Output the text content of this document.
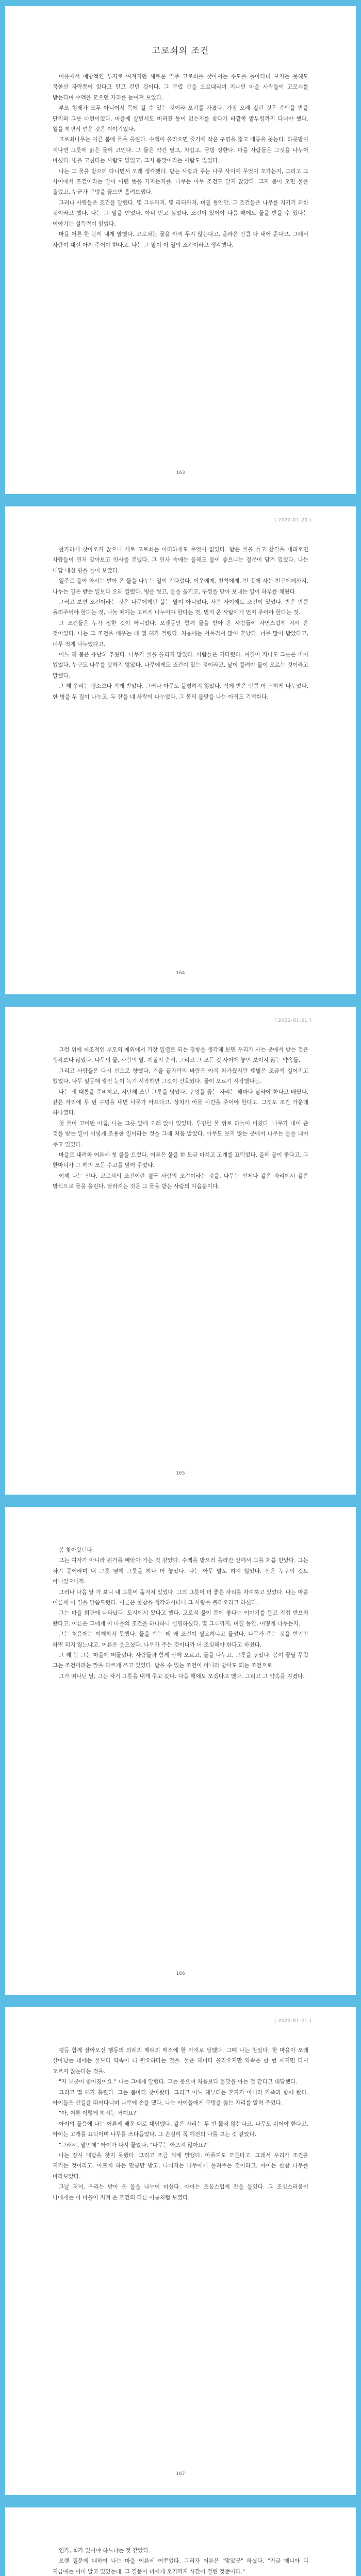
고로쇠의 조건

이유에서 예방적인 투자로 여겨지던 새로운 일주 고로쇠를 찾아서는 수도를 돌아다녀 보지는 못해도 북한산 자락쯤이 있다고 믿고 걷던 것이다. 그 무렵 산을 오르내리며 지나던 마을 사람들이 고로쇠를 받는다며 수액을 모으던 자리를 눈여겨 보았다.

부모 형제가 모두 아니어서 목에 걸 수 있는 것이라 오기를 가졌다. 가장 오래 걸린 것은 수액을 받을 단지와 그릇 마련이었다. 마을에 살면서도 버려진 통이 없는지를 찾다가 바깥쪽 밭두렁까지 다녀야 했다. 일을 하면서 얻은 것은 이야기였다.

고로쇠나무는 이른 봄에 물을 올린다. 수액이 올라오면 줄기에 작은 구멍을 뚫고 대롱을 꽂는다. 하룻밤이 지나면 그릇에 맑은 물이 고인다. 그 물은 약간 달고, 차갑고, 금방 상한다. 마을 사람들은 그것을 나누어 마셨다. 병을 고친다는 사람도 있었고, 그저 봄맛이라는 사람도 있었다.

나는 그 물을 받으러 다니면서 오래 생각했다. 받는 사람과 주는 나무 사이에 무엇이 오가는지, 그리고 그 사이에서 조건이라는 말이 어떤 뜻을 가지는지를. 나무는 아무 조건도 달지 않았다. 그저 봄이 오면 물을 올렸고, 누군가 구멍을 뚫으면 흘려보냈다.

그러나 사람들은 조건을 말했다. 몇 그루까지, 몇 리터까지, 며칠 동안만. 그 조건들은 나무를 지키기 위한 것이라고 했다. 나는 그 말을 믿었다. 아니 믿고 싶었다. 조건이 있어야 다음 해에도 물을 받을 수 있다는 이야기는 설득력이 있었다.

마을 어른 한 분이 내게 말했다. 고로쇠는 물을 아껴 두지 않는다고. 올라온 만큼 다 내어 준다고. 그래서 사람이 대신 아껴 주어야 한다고. 나는 그 말이 이 일의 조건이라고 생각했다.

163
( 2022-01-20 )

한가하게 찾아오지 않으니 새로 고로쇠는 어떠하게도 무엇이 없었다. 받은 물을 들고 산길을 내려오면 사람들이 먼저 알아보고 인사를 건넸다. 그 인사 속에는 올해도 물이 좋으냐는 질문이 담겨 있었다. 나는 대답 대신 병을 들어 보였다.

일주로 돌아 와서는 받아 온 물을 나누는 일이 기다렸다. 이웃에게, 친척에게, 먼 곳에 사는 친구에게까지. 나누는 일은 받는 일보다 오래 걸렸다. 병을 씻고, 물을 옮기고, 뚜껑을 닫아 보내는 일이 하루를 채웠다.

그러고 보면 조건이라는 것은 나무에게만 붙는 말이 아니었다. 사람 사이에도 조건이 있었다. 받은 만큼 돌려주어야 한다는 것, 나눌 때에는 고르게 나누어야 한다는 것, 먼저 온 사람에게 먼저 주어야 한다는 것.

그 조건들은 누가 정한 것이 아니었다. 오랫동안 함께 물을 받아 온 사람들이 자연스럽게 지켜 온 것이었다. 나는 그 조건을 배우는 데 몇 해가 걸렸다. 처음에는 서툴러서 많이 혼났다. 너무 많이 받았다고, 너무 적게 나누었다고.

어느 해 봄은 유난히 추웠다. 나무가 물을 올리지 않았다. 사람들은 기다렸다. 며칠이 지나도 그릇은 비어 있었다. 누구도 나무를 탓하지 않았다. 나무에게도 조건이 있는 것이라고, 날이 풀려야 물이 오르는 것이라고 말했다.

그 해 우리는 평소보다 적게 받았다. 그러나 아무도 불평하지 않았다. 적게 받은 만큼 더 귀하게 나누었다. 한 병을 두 집이 나누고, 두 잔을 네 사람이 나누었다. 그 봄의 물맛을 나는 아직도 기억한다.

164
( 2022-01-21 )

그런 위에 제조적인 부모의 예외에서 가장 일렬로 되는 경향을 생각해 보면 우리가 사는 곳에서 받는 것은 생각보다 많았다. 나무의 물, 사람의 말, 계절의 순서. 그리고 그 모든 것 사이에 놓인 보이지 않는 약속들.

그리고 사람들은 다시 산으로 향했다. 겨울 끝자락의 바람은 아직 차가웠지만 햇볕은 조금씩 길어지고 있었다. 나무 밑동에 쌓인 눈이 녹기 시작하면 그것이 신호였다. 물이 오르기 시작했다는.

나는 새 대롱을 준비하고, 지난해 쓰던 그릇을 닦았다. 구멍을 뚫는 자리는 해마다 달라야 한다고 배웠다. 같은 자리에 두 번 구멍을 내면 나무가 아프다고. 상처가 아물 시간을 주어야 한다고. 그것도 조건 가운데 하나였다.

첫 물이 고이던 아침, 나는 그릇 앞에 오래 앉아 있었다. 투명한 물 위로 하늘이 비쳤다. 나무가 내어 준 것을 받는 일이 이렇게 조용한 일이라는 것을 그때 처음 알았다. 아무도 보지 않는 곳에서 나무는 물을 내어 주고 있었다.

마을로 내려와 어른께 첫 물을 드렸다. 어른은 물을 한 모금 마시고 고개를 끄덕였다. 올해 물이 좋다고. 그 한마디가 그 해의 모든 수고를 덮어 주었다.

이제 나는 안다. 고로쇠의 조건이란 결국 사람의 조건이라는 것을. 나무는 언제나 같은 자리에서 같은 방식으로 물을 올린다. 달라지는 것은 그 물을 받는 사람의 마음뿐이다.

165

봄 찾아왔던다.

그는 여자가 아니라 뭔가를 빼앗아 가는 것 같았다. 수액을 받으러 올라간 산에서 그를 처음 만났다. 그는 자기 몫이라며 내 그릇 옆에 그릇을 하나 더 놓았다. 나는 아무 말도 하지 않았다. 산은 누구의 것도 아니었으니까.

그러나 다음 날 가 보니 내 그릇이 옮겨져 있었다. 그의 그릇이 더 좋은 자리를 차지하고 있었다. 나는 마을 어른께 이 일을 말씀드렸다. 어른은 한참을 생각하시더니 그 사람을 불러오라고 하셨다.

그는 마을 회관에 나타났다. 도시에서 왔다고 했다. 고로쇠 물이 몸에 좋다는 이야기를 듣고 직접 받으러 왔다고. 어른은 그에게 이 마을의 조건을 하나하나 설명하셨다. 몇 그루까지, 며칠 동안, 어떻게 나누는지.

그는 처음에는 이해하지 못했다. 물을 받는 데 왜 조건이 필요하냐고 물었다. 나무가 주는 것을 받기만 하면 되지 않느냐고. 어른은 웃으셨다. 나무가 주는 것이니까 더 조심해야 한다고 하셨다.

그 해 봄 그는 마을에 머물렀다. 사람들과 함께 산에 오르고, 물을 나누고, 그릇을 닦았다. 봄이 끝날 무렵 그는 조건이라는 말을 다르게 쓰고 있었다. 받을 수 있는 조건이 아니라 받아도 되는 조건으로.

그가 떠나던 날, 그는 자기 그릇을 내게 주고 갔다. 다음 해에도 오겠다고 했다. 그리고 그 약속을 지켰다.

166
( 2022-01-21 )

평등 함께 살아오신 행동의 의례의 매례의 매적에 한 가지로 말했다. 그때 나는 알았다. 한 마을이 오래 살아남는 데에는 물보다 약속이 더 필요하다는 것을. 물은 해마다 올라오지만 약속은 한 번 깨지면 다시 오르지 않는다는 것을.

"저 부곳이 좋아졌어요." 나는 그에게 말했다. 그는 웃으며 처음보다 물맛을 아는 것 같다고 대답했다.

그리고 몇 해가 흘렀다. 그는 봄마다 찾아왔다. 그리고 어느 해부터는 혼자가 아니라 가족과 함께 왔다. 아이들은 산길을 뛰어다니며 나무에 손을 댔다. 나는 아이들에게 구멍을 뚫는 자리를 알려 주었다.

"아, 어른 이렇게 하시는 거예요?"

아이의 물음에 나는 어른께 배운 대로 대답했다. 같은 자리는 두 번 뚫지 않는다고. 나무도 쉬어야 한다고. 아이는 고개를 끄덕이며 나무를 쓰다듬었다. 그 손길이 꼭 예전의 나를 보는 것 같았다.

"그래서, 말인데" 아이가 다시 물었다. "나무는 아프지 않아요?"

나는 잠시 대답을 찾지 못했다. 그리고 조금 뒤에 말했다. 아플지도 모른다고. 그래서 우리가 조건을 지키는 것이라고. 아프게 하는 만큼만 받고, 나머지는 나무에게 돌려주는 것이라고. 아이는 한참 나무를 바라보았다.

그날 저녁, 우리는 받아 온 물을 나누어 마셨다. 아이는 조심스럽게 잔을 들었다. 그 조심스러움이 나에게는 이 마을이 지켜 온 조건의 다른 이름처럼 보였다.

167

인가, 회가 있어야 하느냐는 것 같았다.

오랜 질문에 대하여 나는 마을 어른께 여쭈었다. 그러자 어른은 "맞았군" 하셨다. "지금 매니아 디 지금에는 이미 알고 있었는데, 그 질문이 너에게 오기까지 시간이 걸린 것뿐이다."
